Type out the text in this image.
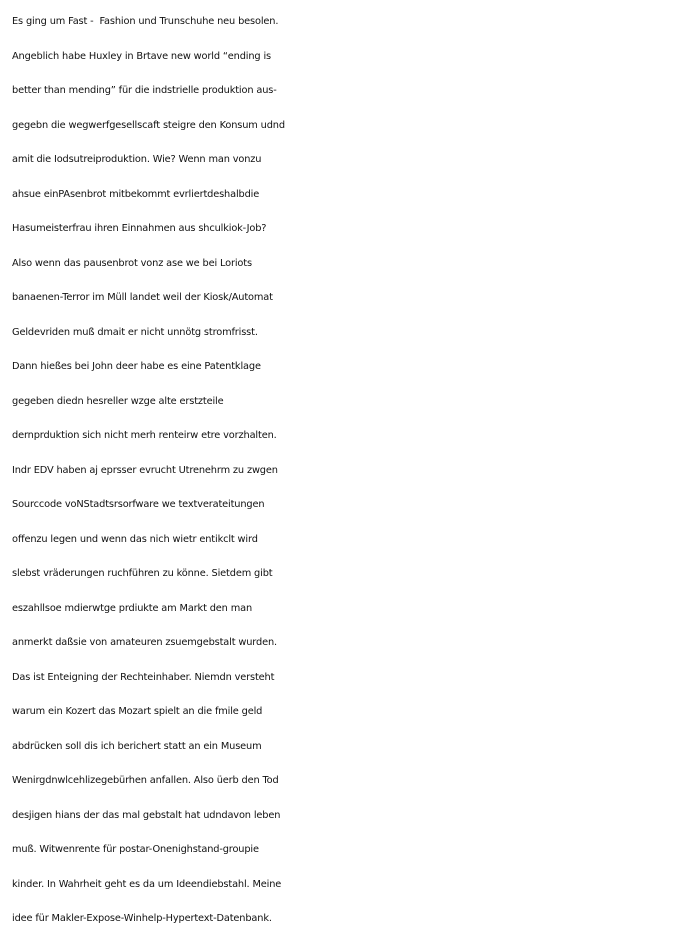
Es ging um Fast -  Fashion und Trunschuhe neu besolen.
Angeblich habe Huxley in Brtave new world “ending is
better than mending” für die indstrielle produktion aus-
gegebn die wegwerfgesellscaft steigre den Konsum udnd
amit die Iodsutreiproduktion. Wie? Wenn man vonzu
ahsue einPAsenbrot mitbekommt evrliertdeshalbdie
Hasumeisterfrau ihren Einnahmen aus shculkiok-Job?
Also wenn das pausenbrot vonz ase we bei Loriots
banaenen-Terror im Müll landet weil der Kiosk/Automat
Geldevriden muß dmait er nicht unnötg stromfrisst.
Dann hießes bei John deer habe es eine Patentklage
gegeben diedn hesreller wzge alte erstzteile
dernprduktion sich nicht merh renteirw etre vorzhalten.
Indr EDV haben aj eprsser evrucht Utrenehrm zu zwgen
Sourccode voNStadtsrsorfware we textverateitungen
offenzu legen und wenn das nich wietr entikclt wird
slebst vräderungen ruchführen zu könne. Sietdem gibt
eszahllsoe mdierwtge prdiukte am Markt den man
anmerkt daßsie von amateuren zsuemgebstalt wurden.
Das ist Enteigning der Rechteinhaber. Niemdn versteht
warum ein Kozert das Mozart spielt an die fmile geld
abdrücken soll dis ich berichert statt an ein Museum
Wenirgdnwlcehlizegebürhen anfallen. Also üerb den Tod
desjigen hians der das mal gebstalt hat udndavon leben
muß. Witwenrente für postar-Onenighstand-groupie
kinder. In Wahrheit geht es da um Ideendiebstahl. Meine
idee für Makler-Expose-Winhelp-Hypertext-Datenbank.
